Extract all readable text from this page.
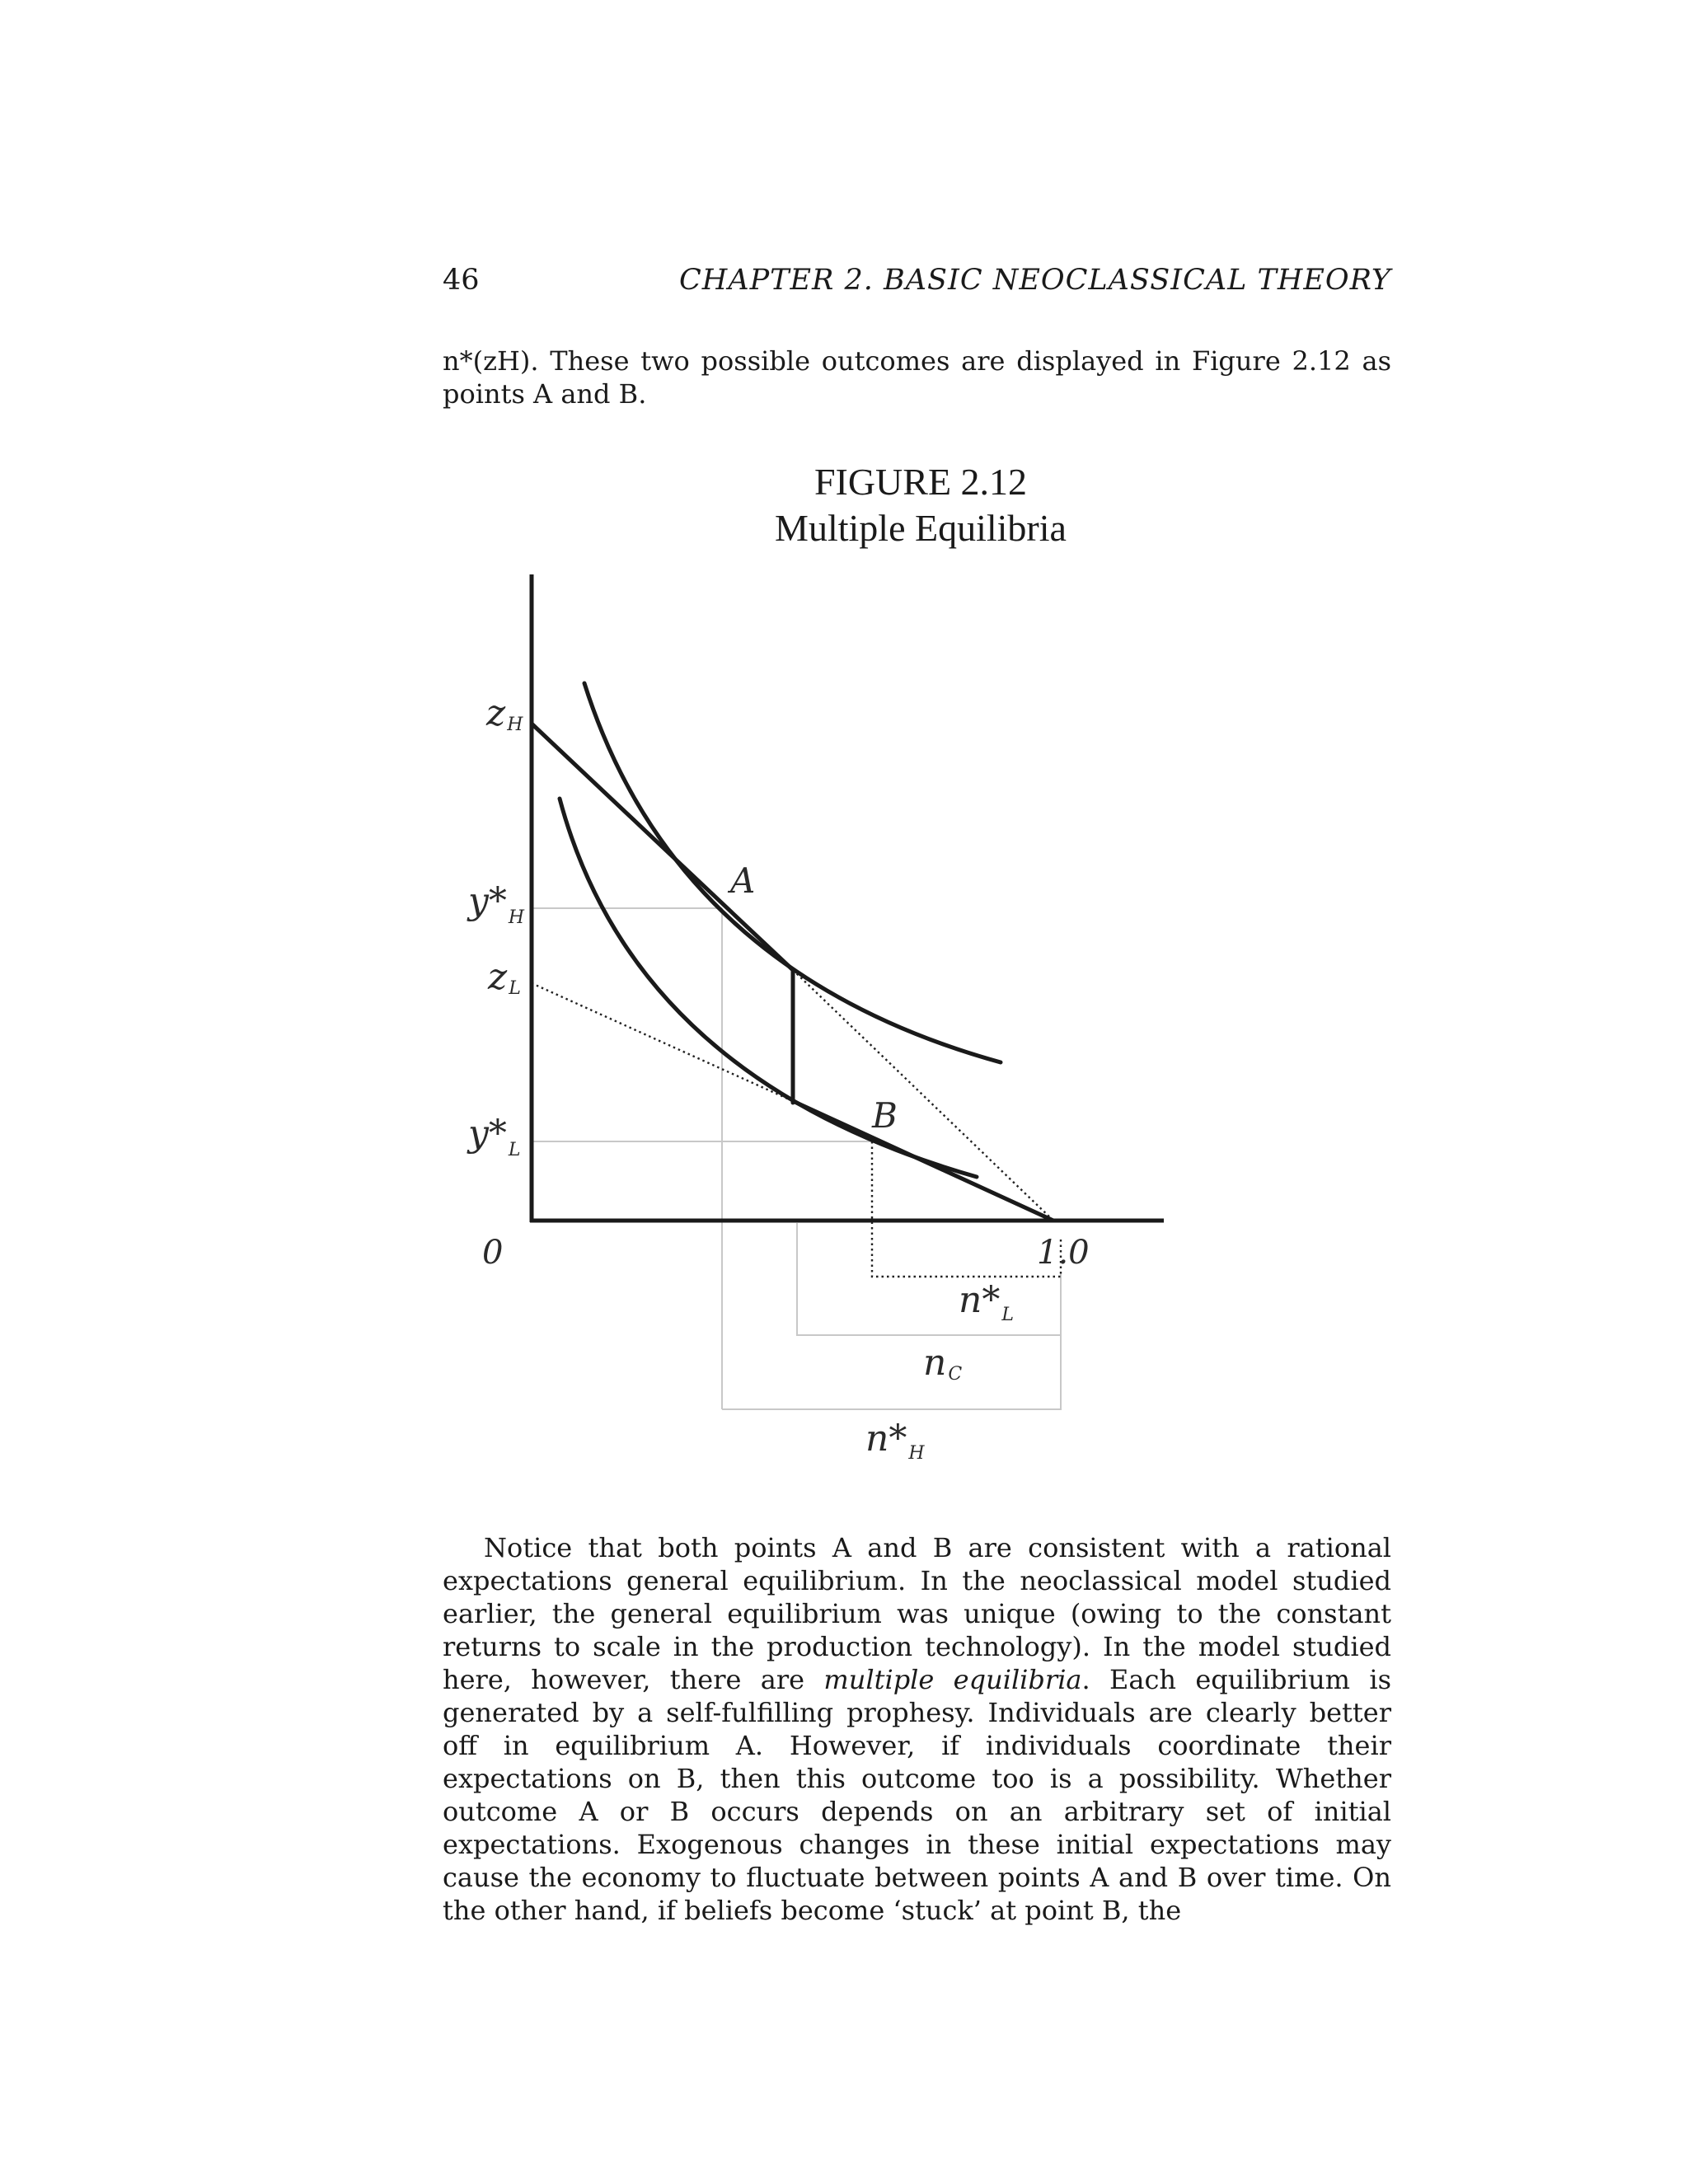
46	CHAPTER 2. BASIC NEOCLASSICAL THEORY
n*(zH). These two possible outcomes are displayed in Figure 2.12 as points A and B.
FIGURE 2.12
Multiple Equilibria
zH
$y*_H$
zL
$y*_L$
0	1.0
A
B
$n*_L$
nC
$n*_H$
Notice that both points A and B are consistent with a rational expectations general equilibrium. In the neoclassical model studied earlier, the general equilibrium was unique (owing to the constant returns to scale in the production technology). In the model studied here, however, there are multiple equilibria. Each equilibrium is generated by a self-fulfilling prophesy. Individuals are clearly better off in equilibrium A. However, if individuals coordinate their expectations on B, then this outcome too is a possibility. Whether outcome A or B occurs depends on an arbitrary set of initial expectations. Exogenous changes in these initial expectations may cause the economy to fluctuate between points A and B over time. On the other hand, if beliefs become ‘stuck’ at point B, the
